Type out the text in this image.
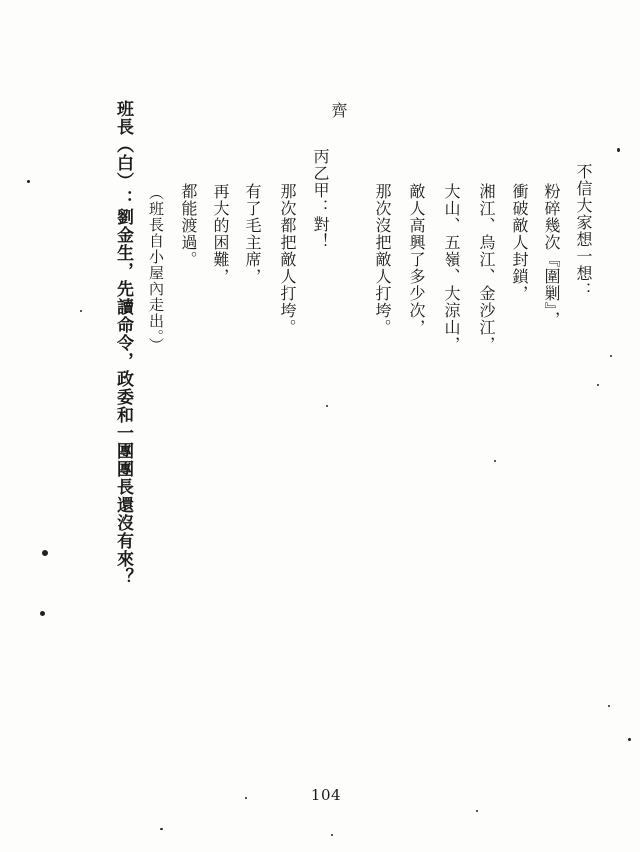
不信大家想一想：
粉碎幾次『圍剿』，
衝破敵人封鎖，
湘江、烏江、金沙江，
大山、五嶺、大涼山，
敵人高興了多少次，
那次沒把敵人打垮。
齊
丙乙甲：對！
那次都把敵人打垮。
有了毛主席，
再大的困難，
都能渡過。
（班長自小屋內走出。）
班長（白）：劉金生，先讀命令，政委和一團團長還沒有來？
104
